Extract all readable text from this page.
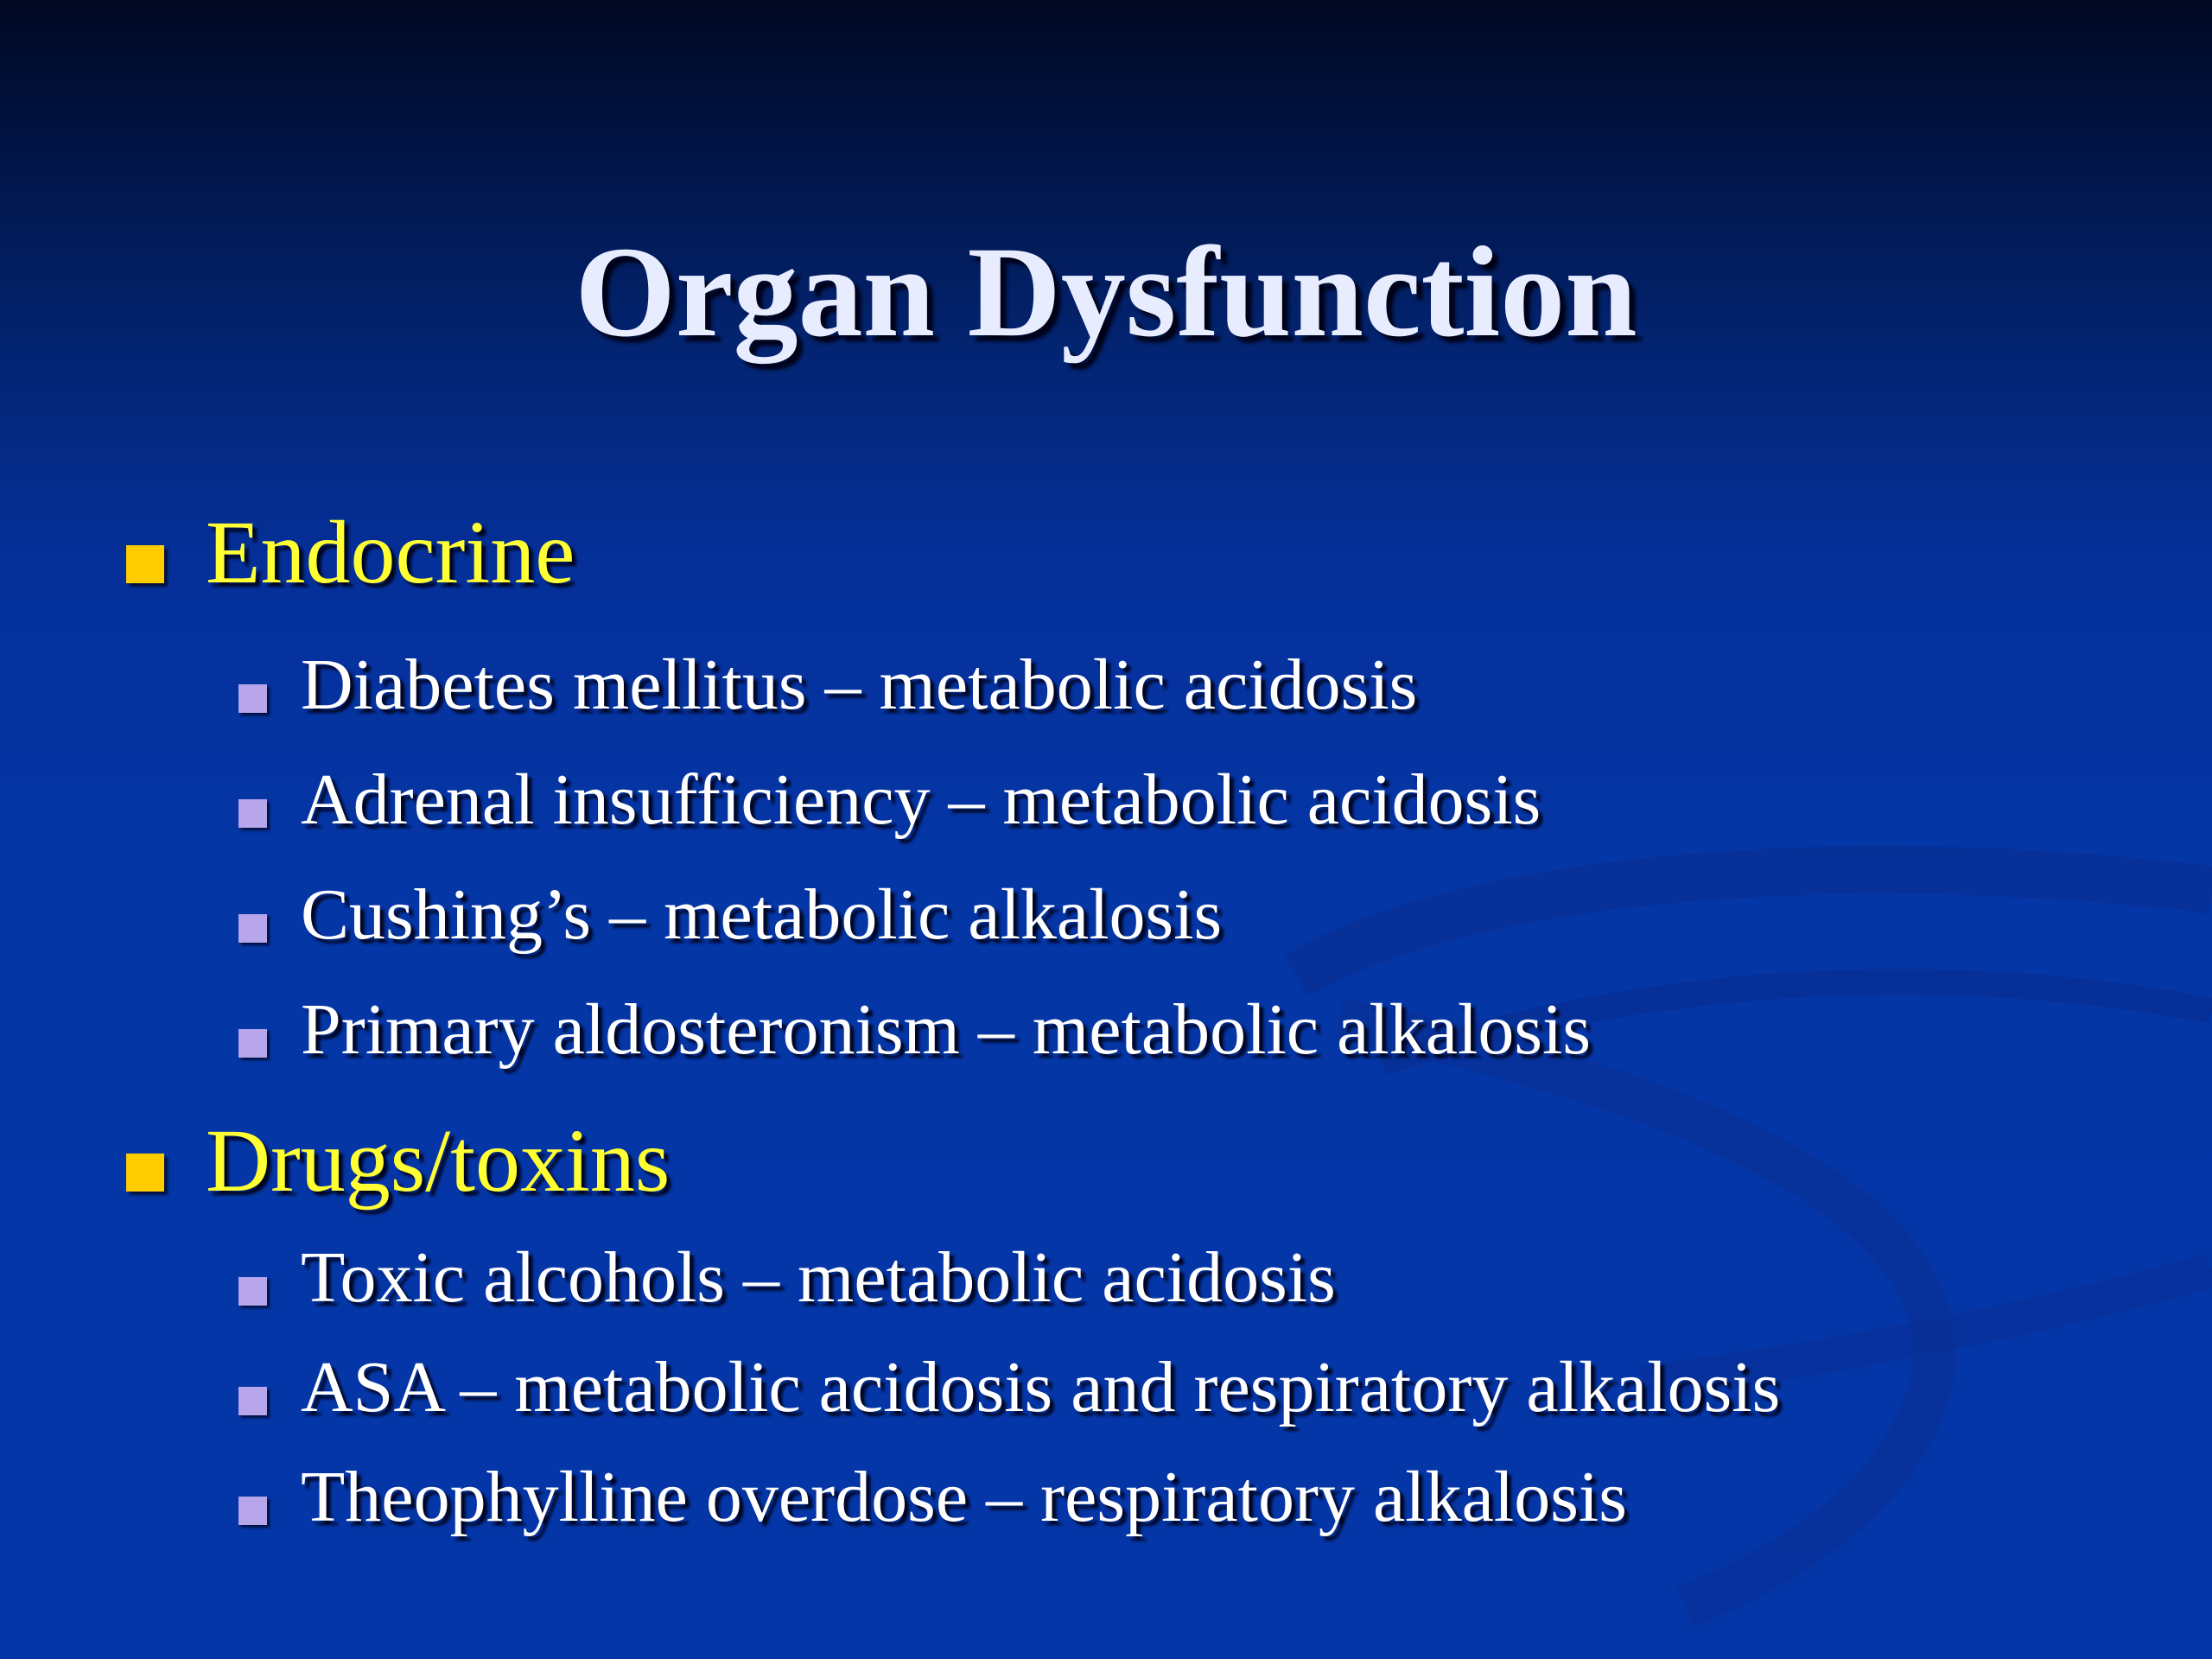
Organ Dysfunction
Endocrine
Diabetes mellitus – metabolic acidosis
Adrenal insufficiency – metabolic acidosis
Cushing’s – metabolic alkalosis
Primary aldosteronism – metabolic alkalosis
Drugs/toxins
Toxic alcohols – metabolic acidosis
ASA – metabolic acidosis and respiratory alkalosis
Theophylline overdose – respiratory alkalosis
